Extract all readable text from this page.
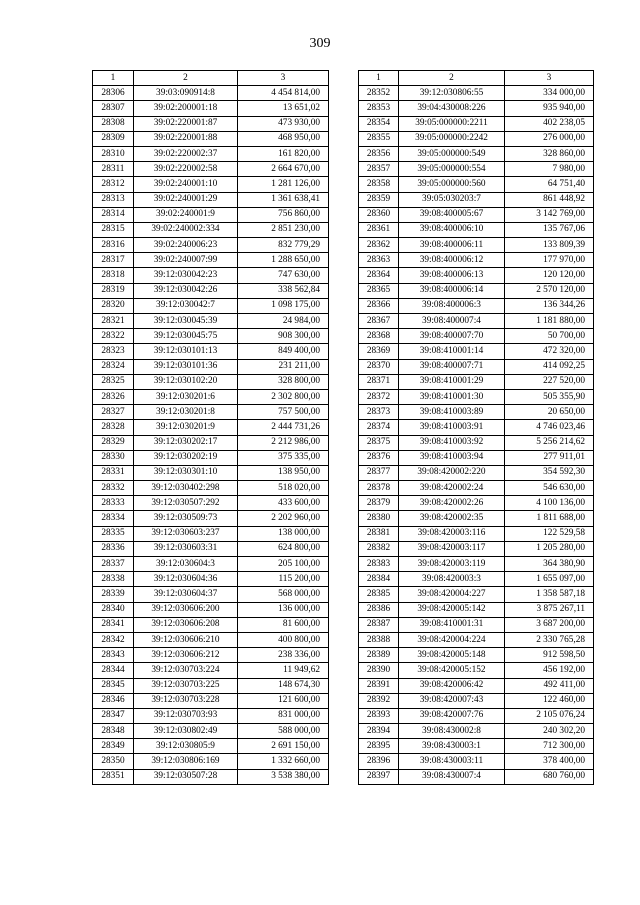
309
1	2	3
28306	39:03:090914:8	4 454 814,00
28307	39:02:200001:18	13 651,02
28308	39:02:220001:87	473 930,00
28309	39:02:220001:88	468 950,00
28310	39:02:220002:37	161 820,00
28311	39:02:220002:58	2 664 670,00
28312	39:02:240001:10	1 281 126,00
28313	39:02:240001:29	1 361 638,41
28314	39:02:240001:9	756 860,00
28315	39:02:240002:334	2 851 230,00
28316	39:02:240006:23	832 779,29
28317	39:02:240007:99	1 288 650,00
28318	39:12:030042:23	747 630,00
28319	39:12:030042:26	338 562,84
28320	39:12:030042:7	1 098 175,00
28321	39:12:030045:39	24 984,00
28322	39:12:030045:75	908 300,00
28323	39:12:030101:13	849 400,00
28324	39:12:030101:36	231 211,00
28325	39:12:030102:20	328 800,00
28326	39:12:030201:6	2 302 800,00
28327	39:12:030201:8	757 500,00
28328	39:12:030201:9	2 444 731,26
28329	39:12:030202:17	2 212 986,00
28330	39:12:030202:19	375 335,00
28331	39:12:030301:10	138 950,00
28332	39:12:030402:298	518 020,00
28333	39:12:030507:292	433 600,00
28334	39:12:030509:73	2 202 960,00
28335	39:12:030603:237	138 000,00
28336	39:12:030603:31	624 800,00
28337	39:12:030604:3	205 100,00
28338	39:12:030604:36	115 200,00
28339	39:12:030604:37	568 000,00
28340	39:12:030606:200	136 000,00
28341	39:12:030606:208	81 600,00
28342	39:12:030606:210	400 800,00
28343	39:12:030606:212	238 336,00
28344	39:12:030703:224	11 949,62
28345	39:12:030703:225	148 674,30
28346	39:12:030703:228	121 600,00
28347	39:12:030703:93	831 000,00
28348	39:12:030802:49	588 000,00
28349	39:12:030805:9	2 691 150,00
28350	39:12:030806:169	1 332 660,00
28351	39:12:030507:28	3 538 380,00
1	2	3
28352	39:12:030806:55	334 000,00
28353	39:04:430008:226	935 940,00
28354	39:05:000000:2211	402 238,05
28355	39:05:000000:2242	276 000,00
28356	39:05:000000:549	328 860,00
28357	39:05:000000:554	7 980,00
28358	39:05:000000:560	64 751,40
28359	39:05:030203:7	861 448,92
28360	39:08:400005:67	3 142 769,00
28361	39:08:400006:10	135 767,06
28362	39:08:400006:11	133 809,39
28363	39:08:400006:12	177 970,00
28364	39:08:400006:13	120 120,00
28365	39:08:400006:14	2 570 120,00
28366	39:08:400006:3	136 344,26
28367	39:08:400007:4	1 181 880,00
28368	39:08:400007:70	50 700,00
28369	39:08:410001:14	472 320,00
28370	39:08:400007:71	414 092,25
28371	39:08:410001:29	227 520,00
28372	39:08:410001:30	505 355,90
28373	39:08:410003:89	20 650,00
28374	39:08:410003:91	4 746 023,46
28375	39:08:410003:92	5 256 214,62
28376	39:08:410003:94	277 911,01
28377	39:08:420002:220	354 592,30
28378	39:08:420002:24	546 630,00
28379	39:08:420002:26	4 100 136,00
28380	39:08:420002:35	1 811 688,00
28381	39:08:420003:116	122 529,58
28382	39:08:420003:117	1 205 280,00
28383	39:08:420003:119	364 380,90
28384	39:08:420003:3	1 655 097,00
28385	39:08:420004:227	1 358 587,18
28386	39:08:420005:142	3 875 267,11
28387	39:08:410001:31	3 687 200,00
28388	39:08:420004:224	2 330 765,28
28389	39:08:420005:148	912 598,50
28390	39:08:420005:152	456 192,00
28391	39:08:420006:42	492 411,00
28392	39:08:420007:43	122 460,00
28393	39:08:420007:76	2 105 076,24
28394	39:08:430002:8	240 302,20
28395	39:08:430003:1	712 300,00
28396	39:08:430003:11	378 400,00
28397	39:08:430007:4	680 760,00
